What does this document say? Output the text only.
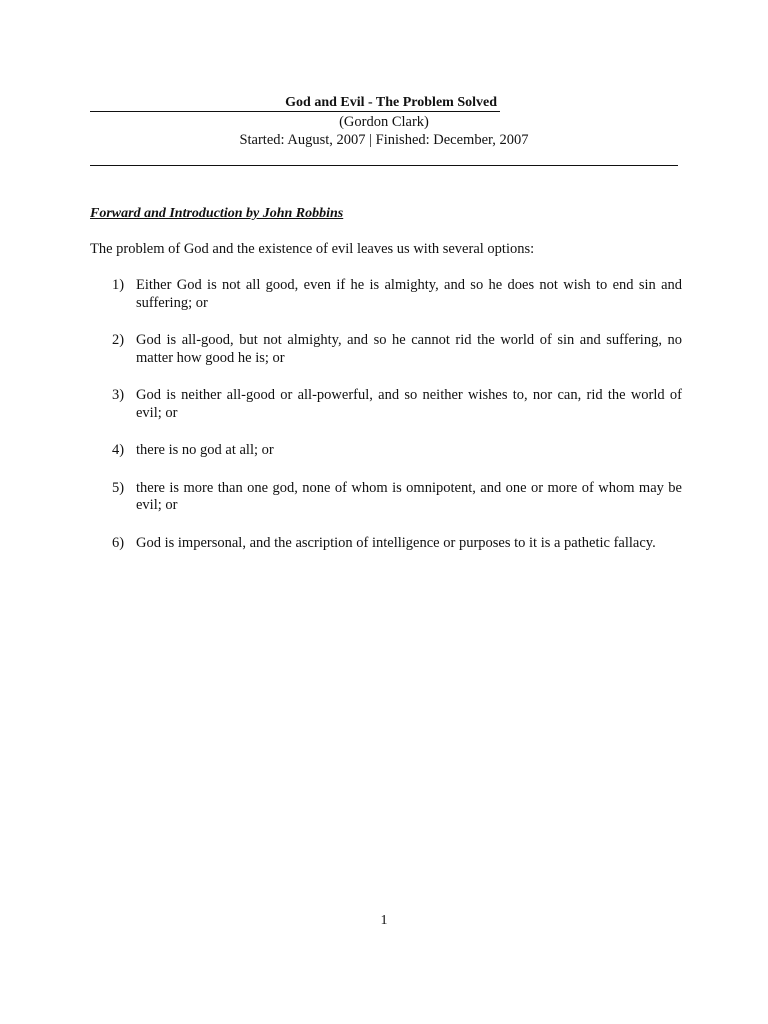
God and Evil - The Problem Solved
(Gordon Clark)
Started: August, 2007 | Finished: December, 2007
Forward and Introduction by John Robbins
The problem of God and the existence of evil leaves us with several options:
1) Either God is not all good, even if he is almighty, and so he does not wish to end sin and suffering; or
2) God is all-good, but not almighty, and so he cannot rid the world of sin and suffering, no matter how good he is; or
3) God is neither all-good or all-powerful, and so neither wishes to, nor can, rid the world of evil; or
4) there is no god at all; or
5) there is more than one god, none of whom is omnipotent, and one or more of whom may be evil; or
6) God is impersonal, and the ascription of intelligence or purposes to it is a pathetic fallacy.
1
